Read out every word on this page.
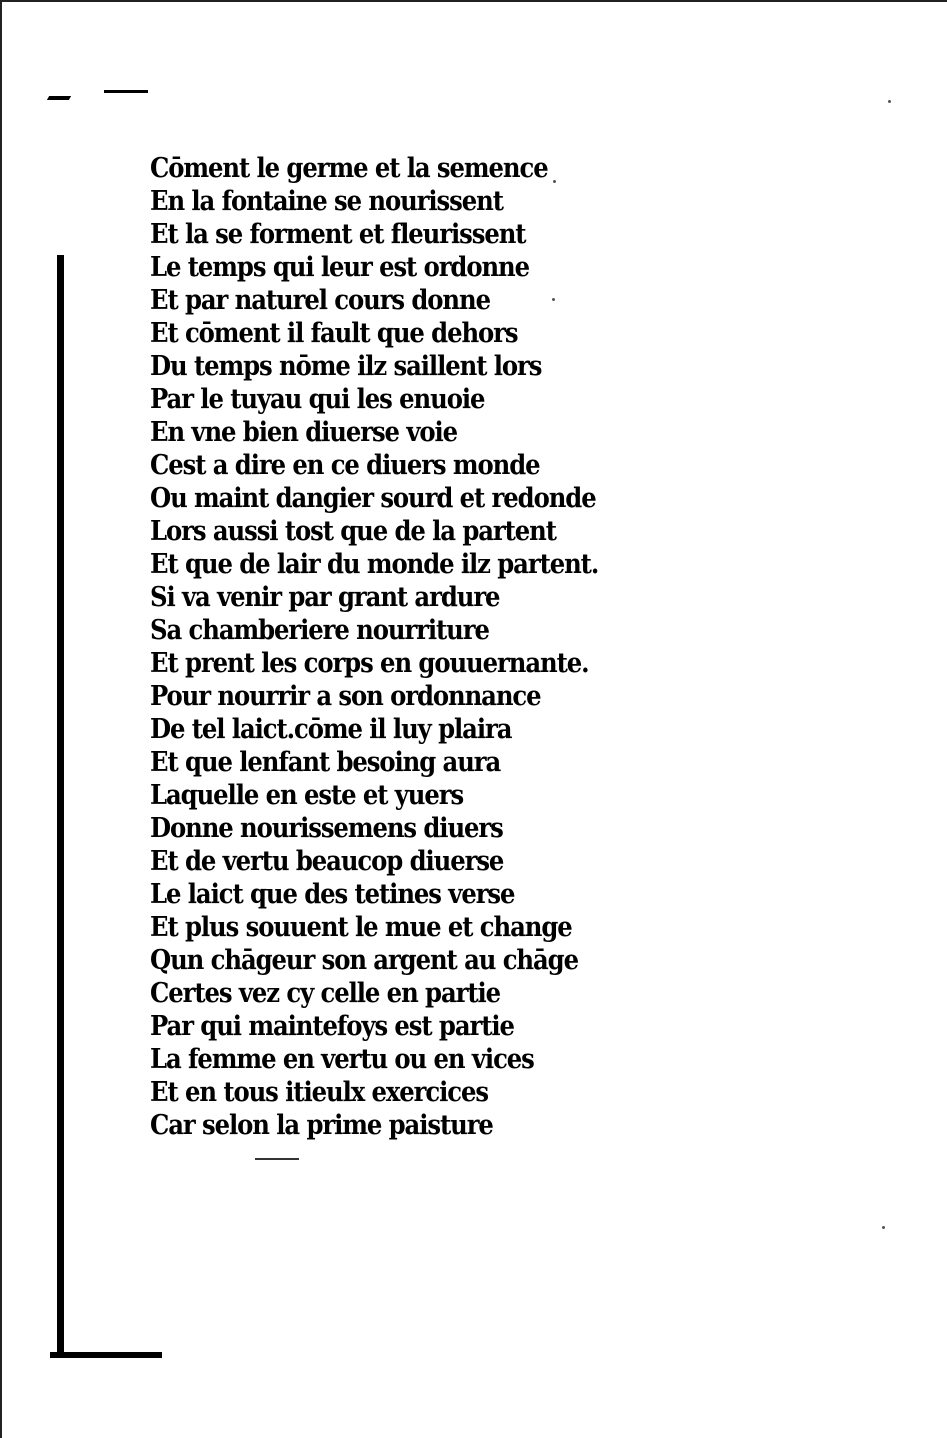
Cōment le germe et la semence
En la fontaine se nourissent
Et la se forment et fleurissent
Le temps qui leur est ordonne
Et par naturel cours donne
Et cōment il fault que dehors
Du temps nōme ilz saillent lors
Par le tuyau qui les enuoie
En vne bien diuerse voie
Cest a dire en ce diuers monde
Ou maint dangier sourd et redonde
Lors aussi tost que de la partent
Et que de lair du monde ilz partent.
Si va venir par grant ardure
Sa chamberiere nourriture
Et prent les corps en gouuernante.
Pour nourrir a son ordonnance
De tel laict.cōme il luy plaira
Et que lenfant besoing aura
Laquelle en este et yuers
Donne nourissemens diuers
Et de vertu beaucop diuerse
Le laict que des tetines verse
Et plus souuent le mue et change
Qun chāgeur son argent au chāge
Certes vez cy celle en partie
Par qui maintefoys est partie
La femme en vertu ou en vices
Et en tous itieulx exercices
Car selon la prime paisture
